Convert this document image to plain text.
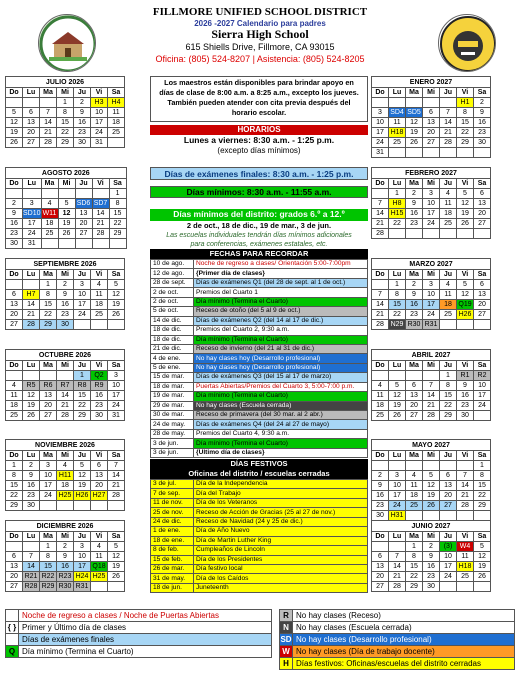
FILLMORE UNIFIED SCHOOL DISTRICT
2026 -2027 Calendario para padres
Sierra High School
615 Shiells Drive, Fillmore, CA 93015
Oficina: (805) 524-8207 | Asistencia: (805) 524-8205
JULIO 2026						
Do	Lu	Ma	Mi	Ju	Vi	Sa
			1	2	H3	H4
5	6	7	8	9	10	11
12	13	14	15	16	17	18
19	20	21	22	23	24	25
26	27	28	29	30	31	
AGOSTO 2026						
Do	Lu	Ma	Mi	Ju	Vi	Sa
						1
2	3	4	5	SD6	SD7	8
9	SD10	W11	12	13	14	15
16	17	18	19	20	21	22
23	24	25	26	27	28	29
30	31					
SEPTIEMBRE 2026						
Do	Lu	Ma	Mi	Ju	Vi	Sa
		1	2	3	4	5
6	H7	8	9	10	11	12
13	14	15	16	17	18	19
20	21	22	23	24	25	26
27	28	29	30			
OCTUBRE 2026						
Do	Lu	Ma	Mi	Ju	Vi	Sa
				1	Q2	3
4	R5	R6	R7	R8	R9	10
11	12	13	14	15	16	17
18	19	20	21	22	23	24
25	26	27	28	29	30	31
NOVIEMBRE 2026						
Do	Lu	Ma	Mi	Ju	Vi	Sa
1	2	3	4	5	6	7
8	9	10	H11	12	13	14
15	16	17	18	19	20	21
22	23	24	H25	H26	H27	28
29	30					
DICIEMBRE 2026						
Do	Lu	Ma	Mi	Ju	Vi	Sa
		1	2	3	4	5
6	7	8	9	10	11	12
13	14	15	16	17	Q18	19
20	R21	R22	R23	H24	H25	26
27	R28	R29	R30	R31		
ENERO 2027						
Do	Lu	Ma	Mi	Ju	Vi	Sa
					H1	2
3	SD4	SD5	6	7	8	9
10	11	12	13	14	15	16
17	H18	19	20	21	22	23
24	25	26	27	28	29	30
31						
FEBRERO 2027						
Do	Lu	Ma	Mi	Ju	Vi	Sa
	1	2	3	4	5	6
7	H8	9	10	11	12	13
14	H15	16	17	18	19	20
21	22	23	24	25	26	27
28						
MARZO 2027						
Do	Lu	Ma	Mi	Ju	Vi	Sa
	1	2	3	4	5	6
7	8	9	10	11	12	13
14	15	16	17	18	Q19	20
21	22	23	24	25	H26	27
28	N29	R30	R31			
ABRIL 2027						
Do	Lu	Ma	Mi	Ju	Vi	Sa
				1	R1	R2
4	5	6	7	8	9	10
11	12	13	14	15	16	17
18	19	20	21	22	23	24
25	26	27	28	29	30	
MAYO 2027						
Do	Lu	Ma	Mi	Ju	Vi	Sa
						1
2	3	4	5	6	7	8
9	10	11	12	13	14	15
16	17	18	19	20	21	22
23	24	25	26	27	28	29
30	H31					
JUNIO 2027						
Do	Lu	Ma	Mi	Ju	Vi	Sa
		1	2	(3)	W4	5
6	7	8	9	10	11	12
13	14	15	16	17	H18	19
20	21	22	23	24	25	26
27	28	29	30			
Los maestros están disponibles para brindar apoyo en días de clase de 8:00 a.m. a 8:25 a.m., excepto los jueves. También pueden atender con cita previa después del horario escolar.
HORARIOS
Lunes a viernes: 8:30 a.m. - 1:25 p.m.
(excepto días mínimos)
Días de exámenes finales: 8:30 a.m. - 1:25 p.m.
Días mínimos: 8:30 a.m. - 11:55 a.m.
Días mínimos del distrito: grados 6.º a 12.º
2 de oct., 18 de dic., 19 de mar., 3 de jun.
Las escuelas individuales tendrán días mínimos adicionales para conferencias, exámenes estatales, etc.
FECHAS PARA RECORDAR
10 de ago.	Noche de regreso a clases/ Orientación 5:00-7:00pm
12 de ago.	{Primer día de clases}
28 de sept.	Días de exámenes Q1 (del 28 de sept. al 1 de oct.)
2 de oct.	Premios del Cuarto 1
2 de oct.	Día mínimo (Termina el Cuarto)
5 de oct.	Receso de otoño (del 5 al 9 de oct.)
14 de dic.	Días de exámenes Q2 (del 14 al 17 de dic.)
18 de dic.	Premios del Cuarto 2, 9:30 a.m.
18 de dic.	Día mínimo (Termina el Cuarto)
21 de dic.	Receso de invierno (del 21 al 31 de dic.)
4 de ene.	No hay clases hoy (Desarrollo profesional)
5 de ene.	No hay clases hoy (Desarrollo profesional)
15 de mar.	Días de exámenes Q3 (del 15 al 17 de marzo)
18 de mar.	Puertas Abiertas/Premios del Cuarto 3, 5:00-7:00 p.m.
19 de mar.	Día mínimo (Termina el Cuarto)
29 de mar.	No hay clases (Escuela cerrada)
30 de mar.	Receso de primavera (del 30 mar. al 2 abr.)
24 de may.	Días de exámenes Q4 (del 24 al 27 de mayo)
28 de may.	Premios del Cuarto 4, 9:30 a.m.
3 de jun.	Día mínimo (Termina el Cuarto)
3 de jun.	{Último día de clases}
DÍAS FESTIVOS
Oficinas del distrito / escuelas cerradas
3 de jul.	Día de la Independencia
7 de sep.	Día del Trabajo
11 de nov.	Día de los Veteranos
25 de nov.	Receso de Acción de Gracias (25 al 27 de nov.)
24 de dic.	Receso de Navidad (24 y 25 de dic.)
1 de ene.	Día de Año Nuevo
18 de ene.	Día de Martin Luther King
8 de feb.	Cumpleaños de Lincoln
15 de feb.	Día de los Presidentes
26 de mar.	Día festivo local
31 de may.	Día de los Caídos
18 de jun.	Juneteenth
	Noche de regreso a clases / Noche de Puertas Abiertas
{ }	Primer y Último día de clases
	Días de exámenes finales
Q	Día mínimo (Termina el Cuarto)
R	No hay clases (Receso)
N	No hay clases (Escuela cerrada)
SD	No hay clases (Desarrollo profesional)
W	No hay clases (Día de trabajo docente)
H	Días festivos: Oficinas/escuelas del distrito cerradas
